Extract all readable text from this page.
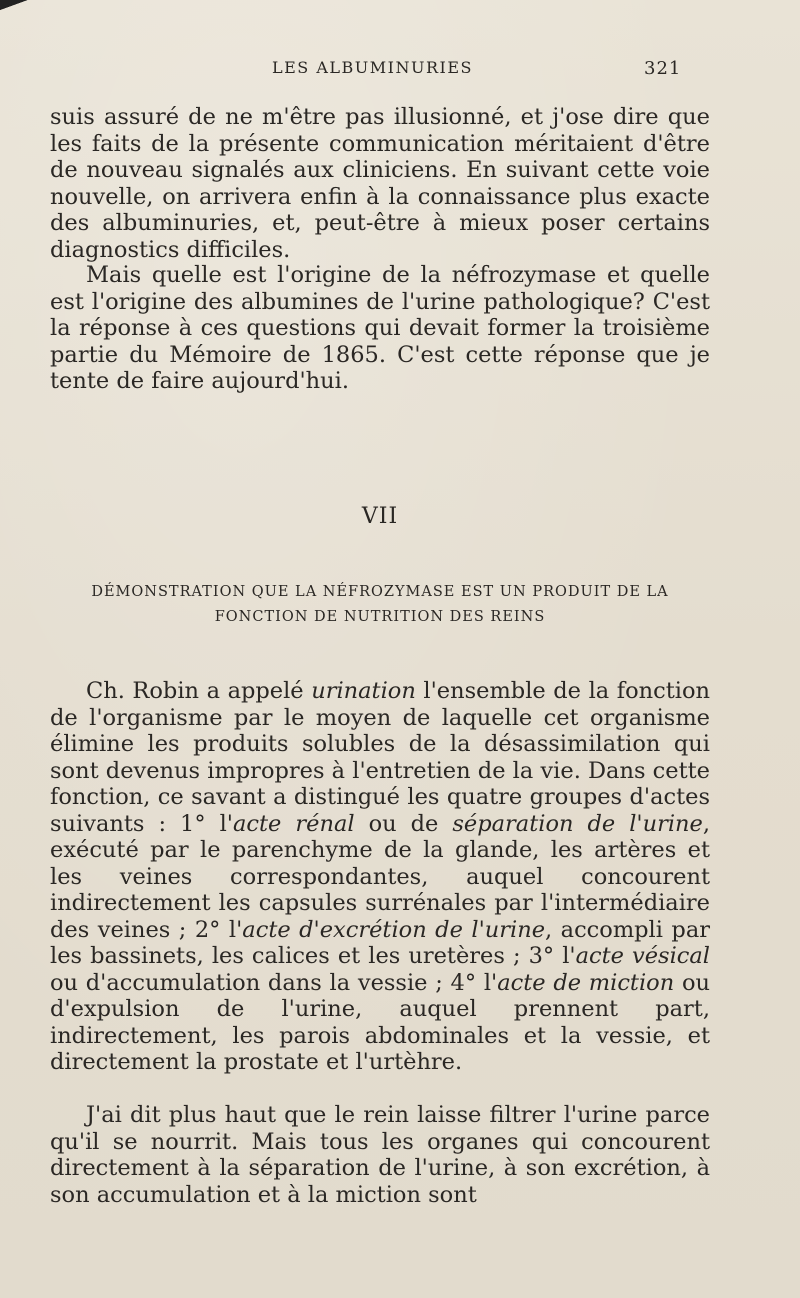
LES ALBUMINURIES	321

suis assuré de ne m'être pas illusionné, et j'ose dire que les faits de la présente communication méritaient d'être de nouveau signalés aux cliniciens. En suivant cette voie nouvelle, on arrivera enfin à la connaissance plus exacte des albuminuries, et, peut-être à mieux poser certains diagnostics difficiles.

Mais quelle est l'origine de la néfrozymase et quelle est l'origine des albumines de l'urine pathologique? C'est la réponse à ces questions qui devait former la troisième partie du Mémoire de 1865. C'est cette réponse que je tente de faire aujourd'hui.

VII
DÉMONSTRATION QUE LA NÉFROZYMASE EST UN PRODUIT DE LA FONCTION DE NUTRITION DES REINS

Ch. Robin a appelé urination l'ensemble de la fonction de l'organisme par le moyen de laquelle cet organisme élimine les produits solubles de la désassimilation qui sont devenus impropres à l'entretien de la vie. Dans cette fonction, ce savant a distingué les quatre groupes d'actes suivants : 1° l'acte rénal ou de séparation de l'urine, exécuté par le parenchyme de la glande, les artères et les veines correspondantes, auquel concourent indirectement les capsules surrénales par l'intermédiaire des veines ; 2° l'acte d'excrétion de l'urine, accompli par les bassinets, les calices et les uretères ; 3° l'acte vésical ou d'accumulation dans la vessie ; 4° l'acte de miction ou d'expulsion de l'urine, auquel prennent part, indirectement, les parois abdominales et la vessie, et directement la prostate et l'urtèhre.

J'ai dit plus haut que le rein laisse filtrer l'urine parce qu'il se nourrit. Mais tous les organes qui concourent directement à la séparation de l'urine, à son excrétion, à son accumulation et à la miction sont
